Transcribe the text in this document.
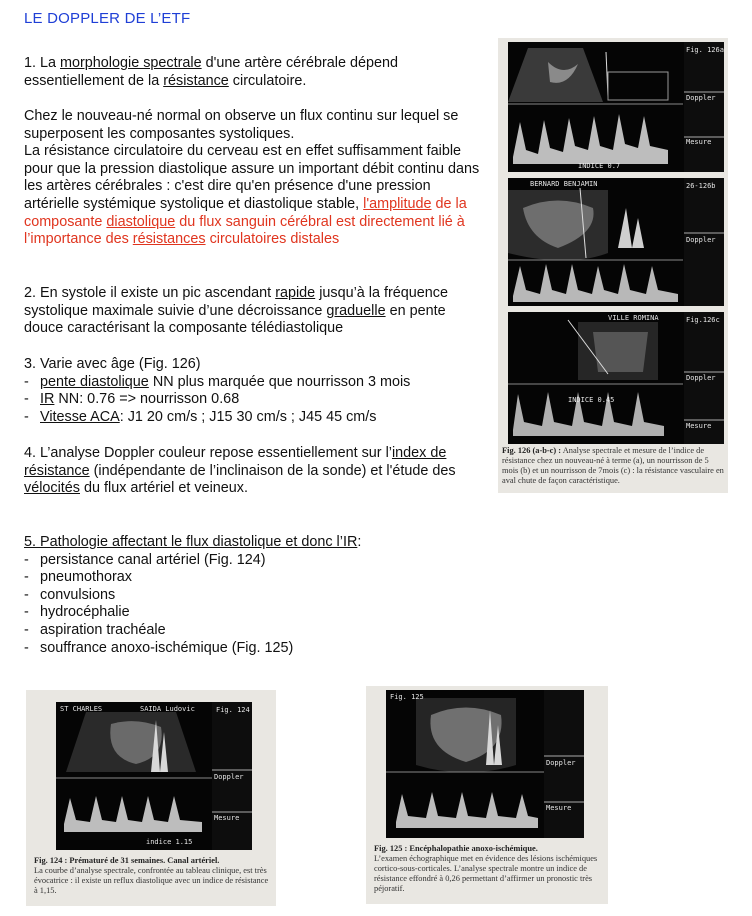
LE DOPPLER DE L’ETF

1. La morphologie spectrale d'une artère cérébrale dépend essentiellement de la résistance circulatoire.

Chez le nouveau-né normal on observe un flux continu sur lequel se superposent les composantes systoliques.

La résistance circulatoire du cerveau est en effet suffisamment faible pour que la pression diastolique assure un important débit continu dans les artères cérébrales : c'est dire qu'en présence d'une pression artérielle systémique systolique et diastolique stable, l'amplitude de la composante diastolique du flux sanguin cérébral est directement lié à l’importance des résistances circulatoires distales

2. En systole il existe un pic ascendant rapide jusqu’à la fréquence systolique maximale suivie d’une décroissance graduelle en pente douce caractérisant la composante télédiastolique

3. Varie avec âge (Fig. 126)

- pente diastolique NN plus marquée que nourrisson 3 mois
- IR NN: 0.76 => nourrisson 0.68
- Vitesse ACA: J1 20 cm/s ; J15 30 cm/s ; J45 45 cm/s

4. L’analyse Doppler couleur repose essentiellement sur l’index de résistance (indépendante de l’inclinaison de la sonde) et l'étude des vélocités du flux artériel et veineux.

5. Pathologie affectant le flux diastolique et donc l’IR:

- persistance canal artériel (Fig. 124)
- pneumothorax
- convulsions
- hydrocéphalie
- aspiration trachéale
- souffrance anoxo-ischémique (Fig. 125)
Fig. 126a
Doppler
Mesure
INDICE 0.7
BERNARD BENJAMIN	26-126b
Doppler
VILLE ROMINA	Fig.126c
Doppler
Mesure
INDICE 0.45
Fig. 126 (a-b-c) : Analyse spectrale et mesure de l’indice de résistance chez un nouveau-né à terme (a), un nourrisson de 5 mois (b) et un nourrisson de 7mois (c) : la résistance vasculaire en aval chute de façon caractéristique.
ST CHARLES	SAIDA Ludovic	Fig. 124
Doppler
Mesure
indice 1.15
Fig. 124 : Prématuré de 31 semaines. Canal artériel.
La courbe d’analyse spectrale, confrontée au tableau clinique, est très évocatrice : il existe un reflux diastolique avec un indice de résistance à 1,15.
Fig. 125
Doppler
Mesure
Fig. 125 : Encéphalopathie anoxo-ischémique.
L’examen échographique met en évidence des lésions ischémiques cortico-sous-corticales. L’analyse spectrale montre un indice de résistance effondré à 0,26 permettant d’affirmer un pronostic très péjoratif.
